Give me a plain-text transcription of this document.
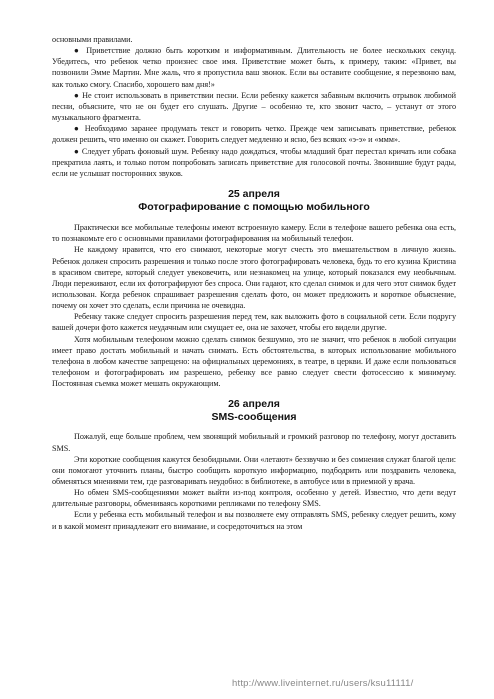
основными правилами.

● Приветствие должно быть коротким и информативным. Длительность не более нескольких секунд. Убедитесь, что ребенок четко произнес свое имя. Приветствие может быть, к примеру, таким: «Привет, вы позвонили Эмме Мартин. Мне жаль, что я пропустила ваш звонок. Если вы оставите сообщение, я перезвоню вам, как только смогу. Спасибо, хорошего вам дня!»

● Не стоит использовать в приветствии песни. Если ребенку кажется забавным включить отрывок любимой песни, объясните, что не он будет его слушать. Другие – особенно те, кто звонит часто, – устанут от этого музыкального фрагмента.

● Необходимо заранее продумать текст и говорить четко. Прежде чем записывать приветствие, ребенок должен решить, что именно он скажет. Говорить следует медленно и ясно, без всяких «э-э» и «ммм».

● Следует убрать фоновый шум. Ребенку надо дождаться, чтобы младший брат перестал кричать или собака прекратила лаять, и только потом попробовать записать приветствие для голосовой почты. Звонившие будут рады, если не услышат посторонних звуков.

25 апреля
Фотографирование с помощью мобильного

Практически все мобильные телефоны имеют встроенную камеру. Если в телефоне вашего ребенка она есть, то познакомьте его с основными правилами фотографирования на мобильный телефон.

Не каждому нравится, что его снимают, некоторые могут счесть это вмешательством в личную жизнь. Ребенок должен спросить разрешения и только после этого фотографировать человека, будь то его кузина Кристина в красивом свитере, который следует увековечить, или незнакомец на улице, который показался ему необычным. Люди переживают, если их фотографируют без спроса. Они гадают, кто сделал снимок и для чего этот снимок будет использован. Когда ребенок спрашивает разрешения сделать фото, он может предложить и короткое объяснение, почему он хочет это сделать, если причина не очевидна.

Ребенку также следует спросить разрешения перед тем, как выложить фото в социальной сети. Если подругу вашей дочери фото кажется неудачным или смущает ее, она не захочет, чтобы его видели другие.

Хотя мобильным телефоном можно сделать снимок безшумно, это не значит, что ребенок в любой ситуации имеет право достать мобильный и начать снимать. Есть обстоятельства, в которых использование мобильного телефона в любом качестве запрещено: на официальных церемониях, в театре, в церкви. И даже если пользоваться телефоном и фотографировать им разрешено, ребенку все равно следует свести фотосессию к минимуму. Постоянная съемка может мешать окружающим.

26 апреля
SMS-сообщения

Пожалуй, еще больше проблем, чем звонящий мобильный и громкий разговор по телефону, могут доставить SMS.

Эти короткие сообщения кажутся безобидными. Они «летают» беззвучно и без сомнения служат благой цели: они помогают уточнить планы, быстро сообщить короткую информацию, подбодрить или поздравить человека, обменяться мнениями тем, где разговаривать неудобно: в библиотеке, в автобусе или в приемной у врача.

Но обмен SMS-сообщениями может выйти из-под контроля, особенно у детей. Известно, что дети ведут длительные разговоры, обмениваясь короткими репликами по телефону SMS.

Если у ребенка есть мобильный телефон и вы позволяете ему отправлять SMS, ребенку следует решить, кому и в какой момент принадлежит его внимание, и сосредоточиться на этом

http://www.liveinternet.ru/users/ksu11111/
